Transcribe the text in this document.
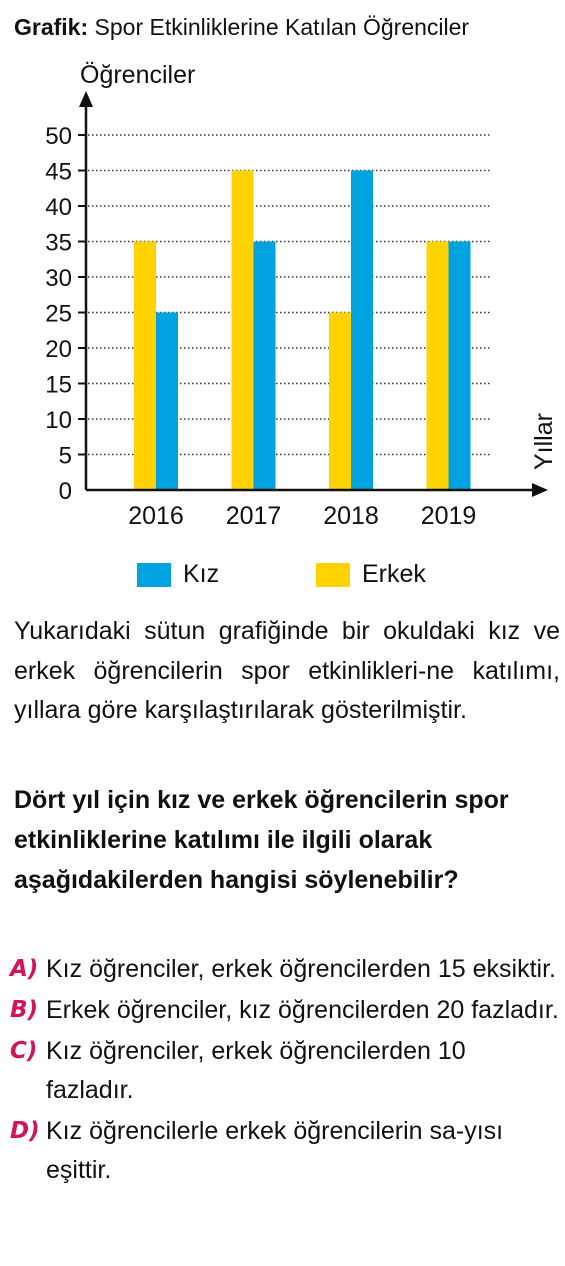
Grafik: Spor Etkinliklerine Katılan Öğrenciler
Öğrenciler
0
5
10
15
20
25
30
35
40
45
50
2016 2017 2018 2019
Yıllar
Kız	Erkek
Yukarıdaki sütun grafiğinde bir okuldaki kız ve erkek öğrencilerin spor etkinlikleri-ne katılımı, yıllara göre karşılaştırılarak gösterilmiştir.
Dört yıl için kız ve erkek öğrencilerin spor etkinliklerine katılımı ile ilgili olarak aşağıdakilerden hangisi söylenebilir?
A) Kız öğrenciler, erkek öğrencilerden 15 eksiktir.
B) Erkek öğrenciler, kız öğrencilerden 20 fazladır.
C) Kız öğrenciler, erkek öğrencilerden 10 fazladır.
D) Kız öğrencilerle erkek öğrencilerin sa-yısı eşittir.
